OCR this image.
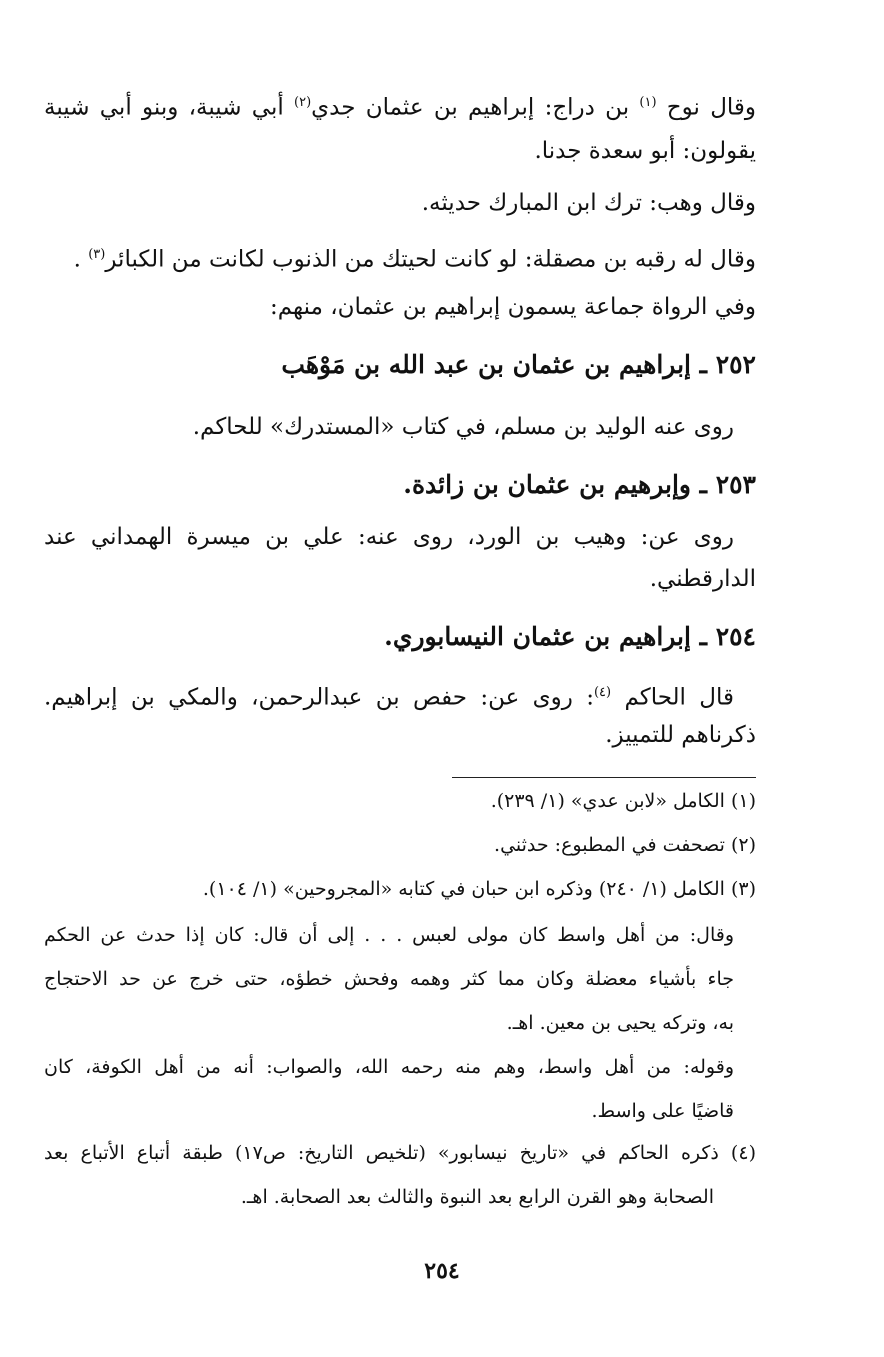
وقال نوح $^{(١)}$ بن دراج: إبراهيم بن عثمان جدي$^{(٢)}$ أبي شيبة، وبنو أبي شيبة
يقولون: أبو سعدة جدنا.
وقال وهب: ترك ابن المبارك حديثه.
وقال له رقبه بن مصقلة: لو كانت لحيتك من الذنوب لكانت من الكبائر$^{(٣)}$ .
وفي الرواة جماعة يسمون إبراهيم بن عثمان، منهم:
٢٥٢ ـ إبراهيم بن عثمان بن عبد الله بن مَوْهَب
روى عنه الوليد بن مسلم، في كتاب «المستدرك» للحاكم.
٢٥٣ ـ وإبرهيم بن عثمان بن زائدة.
روى عن: وهيب بن الورد، روى عنه: علي بن ميسرة الهمداني عند
الدارقطني.
٢٥٤ ـ إبراهيم بن عثمان النيسابوري.
قال الحاكم $^{(٤)}$: روى عن: حفص بن عبدالرحمن، والمكي بن إبراهيم.
ذكرناهم للتمييز.
(١) الكامل «لابن عدي» (١/ ٢٣٩).
(٢) تصحفت في المطبوع: حدثني.
(٣) الكامل (١/ ٢٤٠) وذكره ابن حبان في كتابه «المجروحين» (١/ ١٠٤).
وقال: من أهل واسط كان مولى لعبس . . . إلى أن قال: كان إذا حدث عن الحكم
جاء بأشياء معضلة وكان مما كثر وهمه وفحش خطؤه، حتى خرج عن حد الاحتجاج
به، وتركه يحيى بن معين. اهـ.
وقوله: من أهل واسط، وهم منه رحمه الله، والصواب: أنه من أهل الكوفة، كان
قاضيًا على واسط.
(٤) ذكره الحاكم في «تاريخ نيسابور» (تلخيص التاريخ: ص١٧) طبقة أتباع الأتباع بعد
الصحابة وهو القرن الرابع بعد النبوة والثالث بعد الصحابة. اهـ.
٢٥٤
